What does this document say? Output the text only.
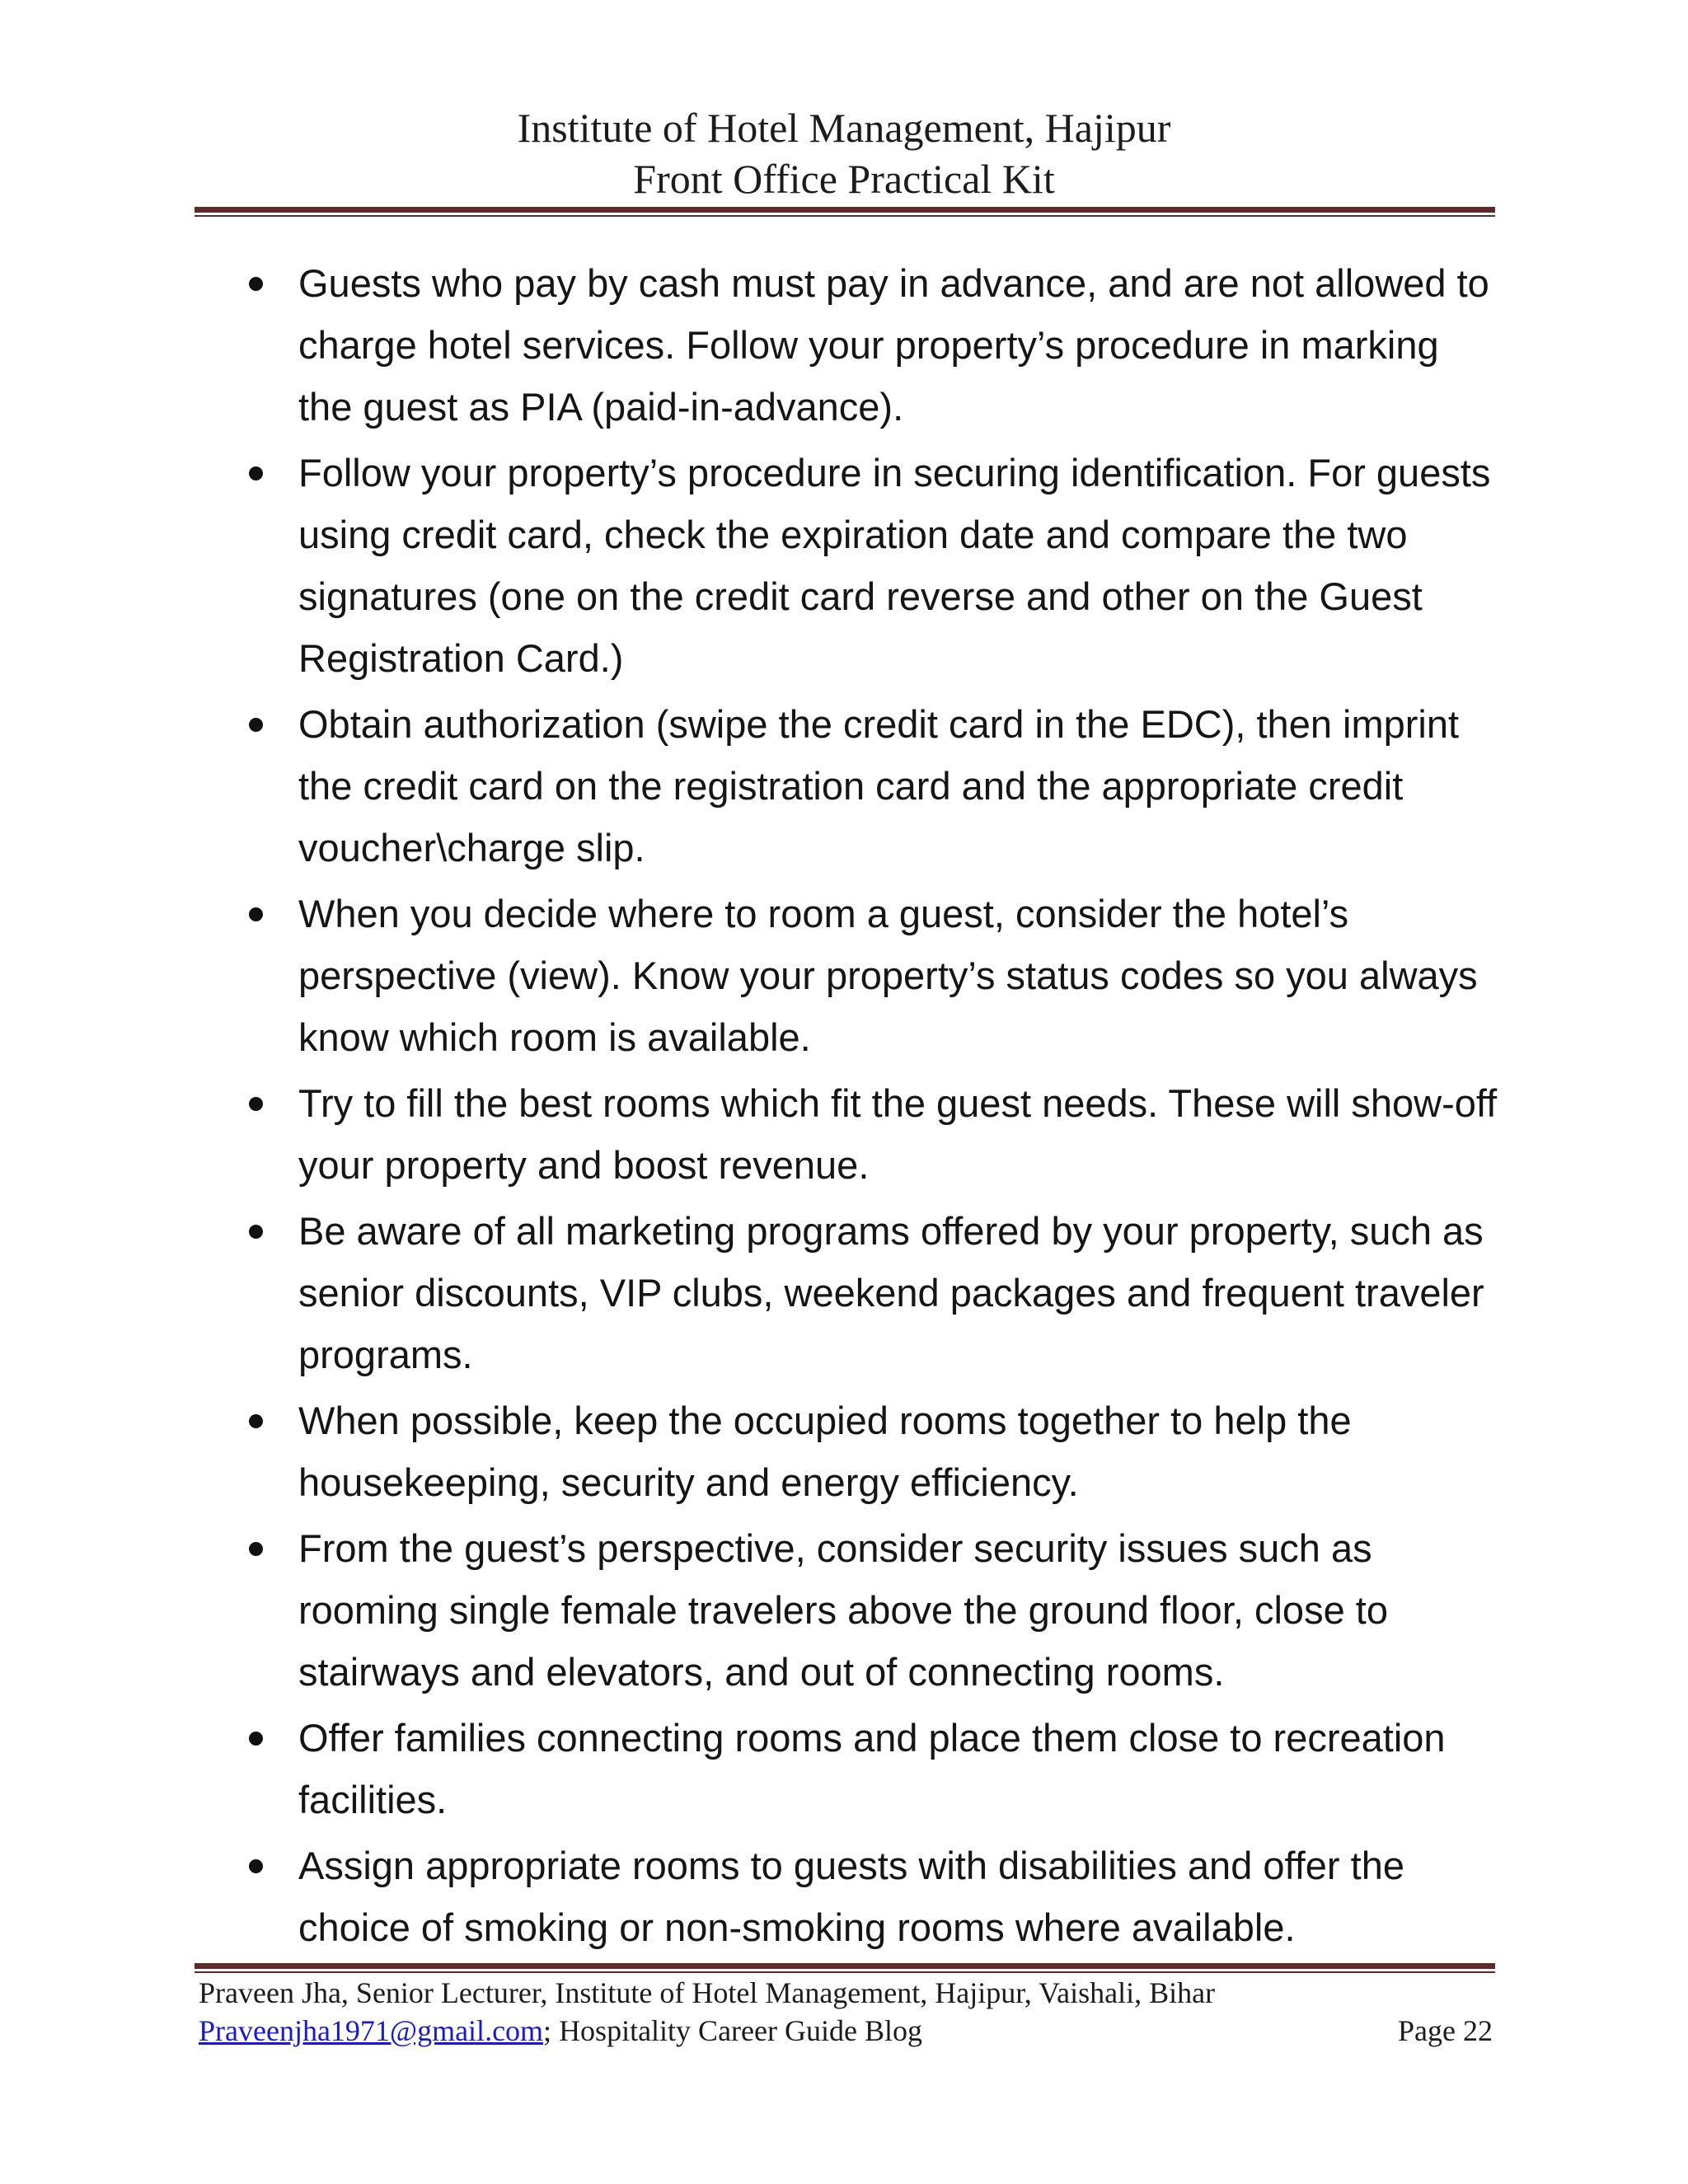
Institute of Hotel Management, Hajipur
Front Office Practical Kit
Guests who pay by cash must pay in advance, and are not allowed to charge hotel services. Follow your property’s procedure in marking the guest as PIA (paid-in-advance).
Follow your property’s procedure in securing identification. For guests using credit card, check the expiration date and compare the two signatures (one on the credit card reverse and other on the Guest Registration Card.)
Obtain authorization (swipe the credit card in the EDC), then imprint the credit card on the registration card and the appropriate credit voucher\charge slip.
When you decide where to room a guest, consider the hotel’s perspective (view). Know your property’s status codes so you always know which room is available.
Try to fill the best rooms which fit the guest needs. These will show-off your property and boost revenue.
Be aware of all marketing programs offered by your property, such as senior discounts, VIP clubs, weekend packages and frequent traveler programs.
When possible, keep the occupied rooms together to help the housekeeping, security and energy efficiency.
From the guest’s perspective, consider security issues such as rooming single female travelers above the ground floor, close to stairways and elevators, and out of connecting rooms.
Offer families connecting rooms and place them close to recreation facilities.
Assign appropriate rooms to guests with disabilities and offer the choice of smoking or non-smoking rooms where available.
Praveen Jha, Senior Lecturer, Institute of Hotel Management, Hajipur, Vaishali, Bihar
Praveenjha1971@gmail.com; Hospitality Career Guide Blog	Page 22
